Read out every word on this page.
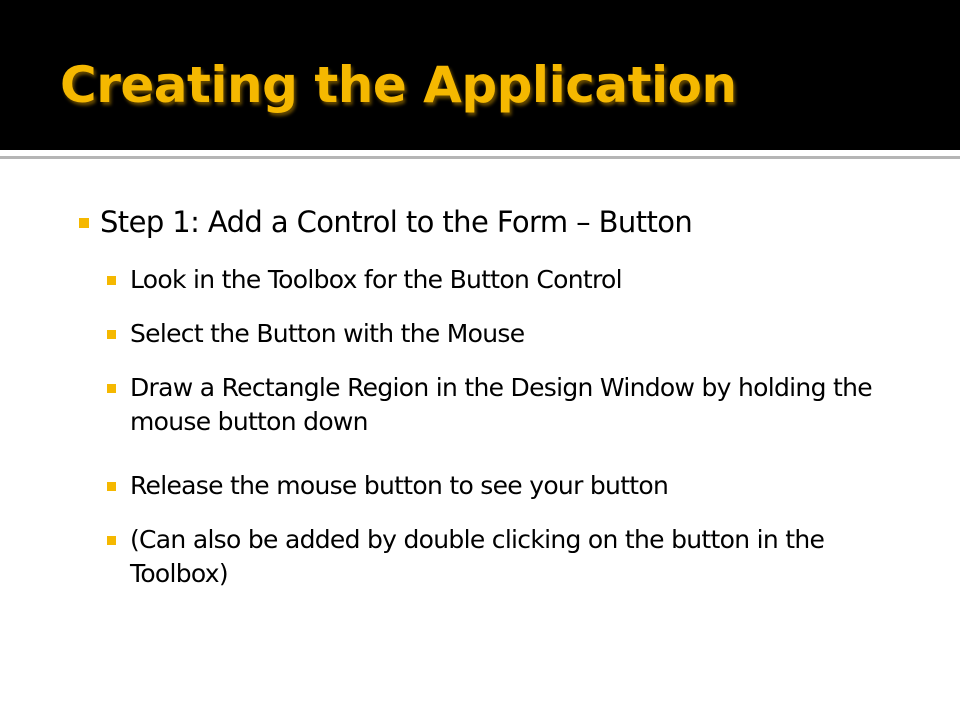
Creating the Application
Step 1: Add a Control to the Form – Button
Look in the Toolbox for the Button Control
Select the Button with the Mouse
Draw a Rectangle Region in the Design Window by holding the mouse button down
Release the mouse button to see your button
(Can also be added by double clicking on the button in the Toolbox)
